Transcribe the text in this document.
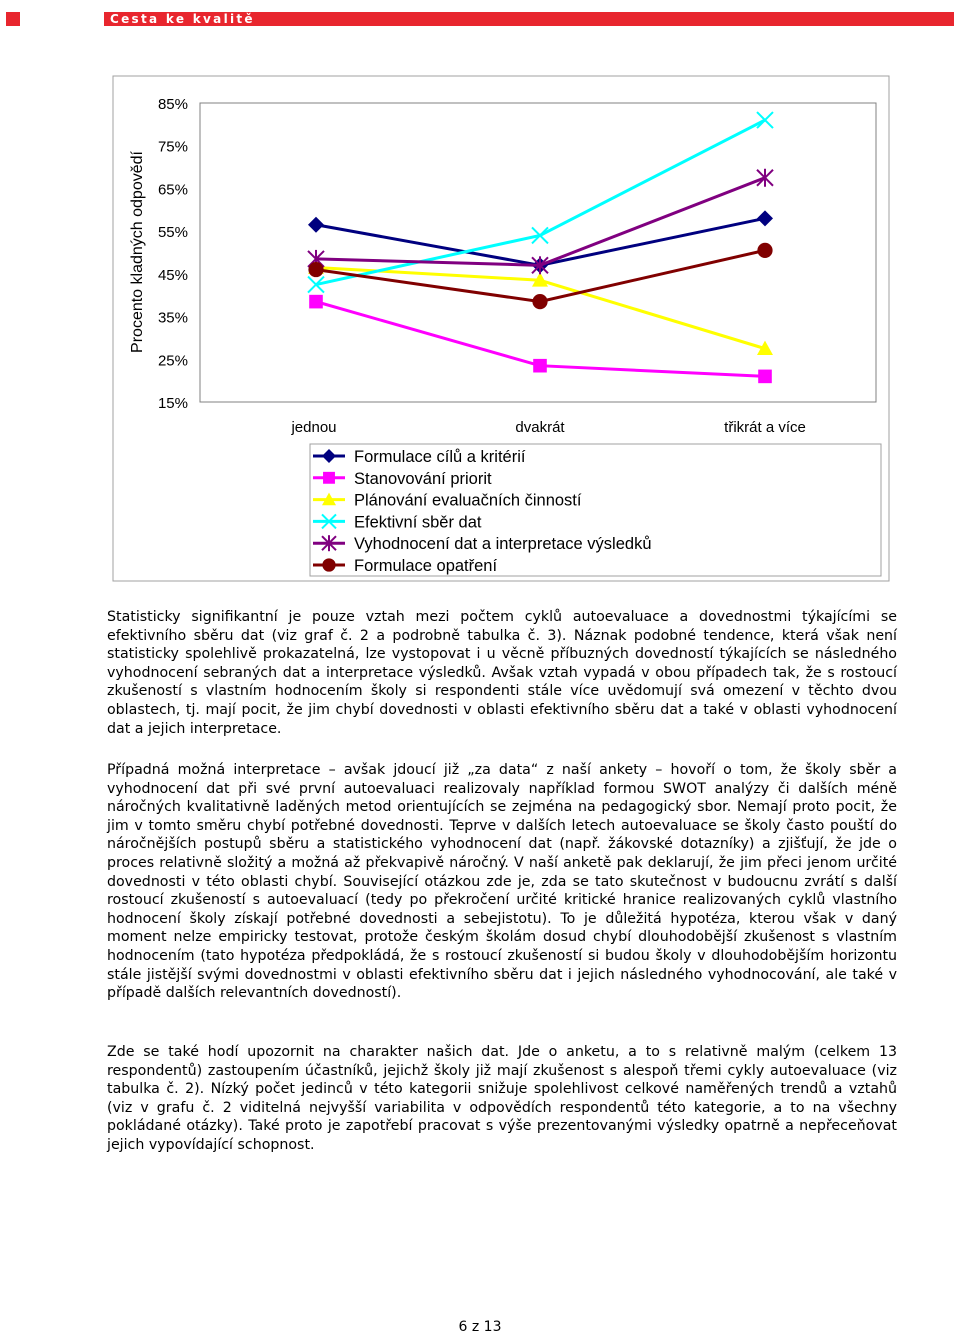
Cesta ke kvalitě
Procento kladných odpovědí
85%
75%
65%
55%
45%
35%
25%
15%
jednou	dvakrát	třikrát a více
Formulace cílů a kritérií
Stanovování priorit
Plánování evaluačních činností
Efektivní sběr dat
Vyhodnocení dat a interpretace výsledků
Formulace opatření

Statisticky signifikantní je pouze vztah mezi počtem cyklů autoevaluace a dovednostmi týkajícími se efektivního sběru dat (viz graf č. 2 a podrobně tabulka č. 3). Náznak podobné tendence, která však není statisticky spolehlivě prokazatelná, lze vystopovat i u věcně příbuzných dovedností týkajících se následného vyhodnocení sebraných dat a interpretace výsledků. Avšak vztah vypadá v obou případech tak, že s rostoucí zkušeností s vlastním hodnocením školy si respondenti stále více uvědomují svá omezení v těchto dvou oblastech, tj. mají pocit, že jim chybí dovednosti v oblasti efektivního sběru dat a také v oblasti vyhodnocení dat a jejich interpretace.

Případná možná interpretace – avšak jdoucí již „za data“ z naší ankety – hovoří o tom, že školy sběr a vyhodnocení dat při své první autoevaluaci realizovaly například formou SWOT analýzy či dalších méně náročných kvalitativně laděných metod orientujících se zejména na pedagogický sbor. Nemají proto pocit, že jim v tomto směru chybí potřebné dovednosti. Teprve v dalších letech autoevaluace se školy často pouští do náročnějších postupů sběru a statistického vyhodnocení dat (např. žákovské dotazníky) a zjišťují, že jde o proces relativně složitý a možná až překvapivě náročný. V naší anketě pak deklarují, že jim přeci jenom určité dovednosti v této oblasti chybí. Související otázkou zde je, zda se tato skutečnost v budoucnu zvrátí s další rostoucí zkušeností s autoevaluací (tedy po překročení určité kritické hranice realizovaných cyklů vlastního hodnocení školy získají potřebné dovednosti a sebejistotu). To je důležitá hypotéza, kterou však v daný moment nelze empiricky testovat, protože českým školám dosud chybí dlouhodobější zkušenost s vlastním hodnocením (tato hypotéza předpokládá, že s rostoucí zkušeností si budou školy v dlouhodobějším horizontu stále jistější svými dovednostmi v oblasti efektivního sběru dat i jejich následného vyhodnocování, ale také v případě dalších relevantních dovedností).

Zde se také hodí upozornit na charakter našich dat. Jde o anketu, a to s relativně malým (celkem 13 respondentů) zastoupením účastníků, jejichž školy již mají zkušenost s alespoň třemi cykly autoevaluace (viz tabulka č. 2). Nízký počet jedinců v této kategorii snižuje spolehlivost celkové naměřených trendů a vztahů (viz v grafu č. 2 viditelná nejvyšší variabilita v odpovědích respondentů této kategorie, a to na všechny pokládané otázky). Také proto je zapotřebí pracovat s výše prezentovanými výsledky opatrně a nepřeceňovat jejich vypovídající schopnost.

6 z 13
